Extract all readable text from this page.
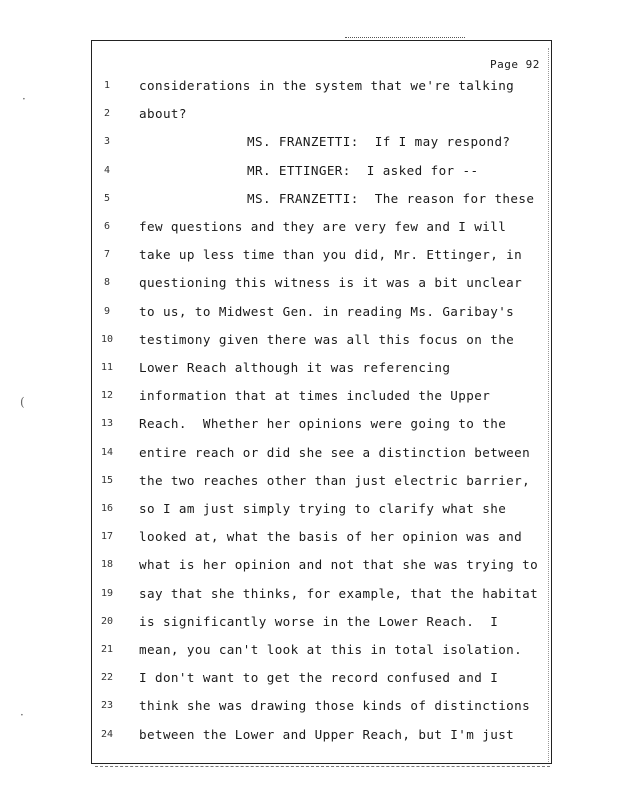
·
(
·
Page 92
1	considerations in the system that we're talking
2	about?
3	MS. FRANZETTI:  If I may respond?
4	MR. ETTINGER:  I asked for --
5	MS. FRANZETTI:  The reason for these
6	few questions and they are very few and I will
7	take up less time than you did, Mr. Ettinger, in
8	questioning this witness is it was a bit unclear
9	to us, to Midwest Gen. in reading Ms. Garibay's
10	testimony given there was all this focus on the
11	Lower Reach although it was referencing
12	information that at times included the Upper
13	Reach.  Whether her opinions were going to the
14	entire reach or did she see a distinction between
15	the two reaches other than just electric barrier,
16	so I am just simply trying to clarify what she
17	looked at, what the basis of her opinion was and
18	what is her opinion and not that she was trying to
19	say that she thinks, for example, that the habitat
20	is significantly worse in the Lower Reach.  I
21	mean, you can't look at this in total isolation.
22	I don't want to get the record confused and I
23	think she was drawing those kinds of distinctions
24	between the Lower and Upper Reach, but I'm just
